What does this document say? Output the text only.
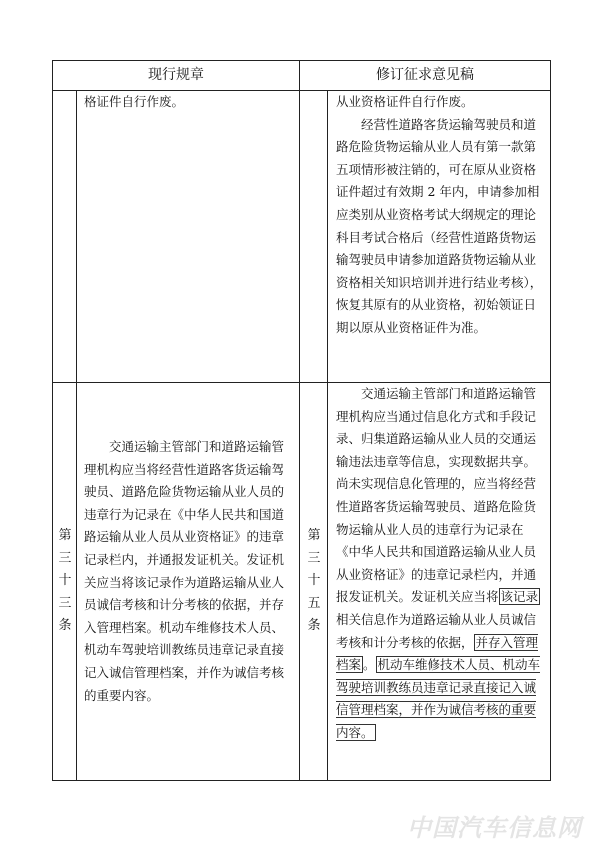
现行规章	修订征求意见稿

格证件自行作废。	从业资格证件自行作废。

经营性道路客货运输驾驶员和道路危险货物运输从业人员有第一款第五项情形被注销的，可在原从业资格证件超过有效期 2 年内，申请参加相应类别从业资格考试大纲规定的理论科目考试合格后（经营性道路货物运输驾驶员申请参加道路货物运输从业资格相关知识培训并进行结业考核），恢复其原有的从业资格，初始领证日期以原从业资格证件为准。

第
三
十
三
条

交通运输主管部门和道路运输管理机构应当将经营性道路客货运输驾驶员、道路危险货物运输从业人员的违章行为记录在《中华人民共和国道路运输从业人员从业资格证》的违章记录栏内，并通报发证机关。发证机关应当将该记录作为道路运输从业人员诚信考核和计分考核的依据，并存入管理档案。机动车维修技术人员、机动车驾驶培训教练员违章记录直接记入诚信管理档案，并作为诚信考核的重要内容。

第
三
十
五
条

交通运输主管部门和道路运输管理机构应当通过信息化方式和手段记录、归集道路运输从业人员的交通运输违法违章等信息，实现数据共享。尚未实现信息化管理的，应当将经营性道路客货运输驾驶员、道路危险货物运输从业人员的违章行为记录在《中华人民共和国道路运输从业人员从业资格证》的违章记录栏内，并通报发证机关。发证机关应当将 该记录相关信息作为道路运输从业人员诚信考核和计分考核的依据， 并存入管理档案 。 机动车维修技术人员、机动车驾驶培训教练员违章记录直接记入诚信管理档案，并作为诚信考核的重要内容。

中国汽车信息网
